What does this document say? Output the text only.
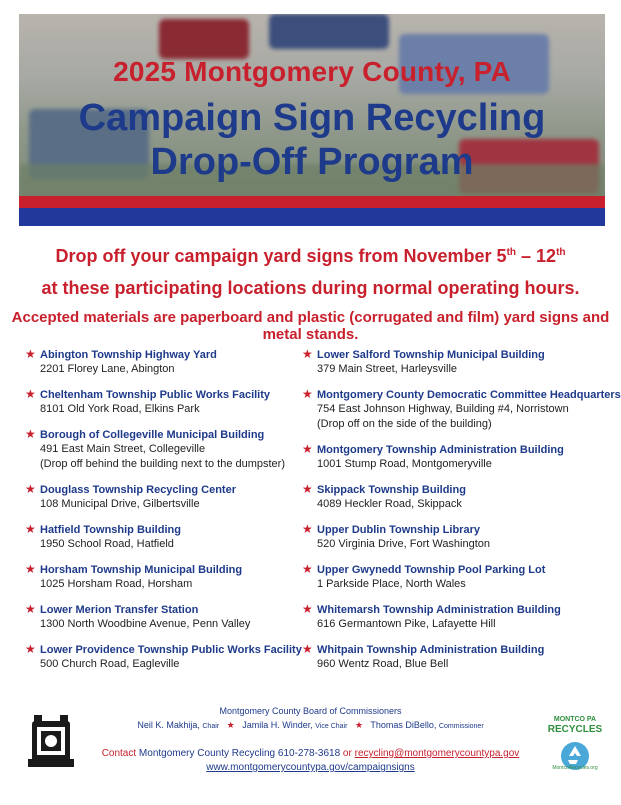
2025 Montgomery County, PA
Campaign Sign Recycling
Drop-Off Program
Drop off your campaign yard signs from November 5th – 12th
at these participating locations during normal operating hours.
Accepted materials are paperboard and plastic (corrugated and film) yard signs and metal stands.
★ Abington Township Highway Yard
2201 Florey Lane, Abington
★ Cheltenham Township Public Works Facility
8101 Old York Road, Elkins Park
★ Borough of Collegeville Municipal Building
491 East Main Street, Collegeville
(Drop off behind the building next to the dumpster)
★ Douglass Township Recycling Center
108 Municipal Drive, Gilbertsville
★ Hatfield Township Building
1950 School Road, Hatfield
★ Horsham Township Municipal Building
1025 Horsham Road, Horsham
★ Lower Merion Transfer Station
1300 North Woodbine Avenue, Penn Valley
★ Lower Providence Township Public Works Facility
500 Church Road, Eagleville
★ Lower Salford Township Municipal Building
379 Main Street, Harleysville
★ Montgomery County Democratic Committee Headquarters
754 East Johnson Highway, Building #4, Norristown
(Drop off on the side of the building)
★ Montgomery Township Administration Building
1001 Stump Road, Montgomeryville
★ Skippack Township Building
4089 Heckler Road, Skippack
★ Upper Dublin Township Library
520 Virginia Drive, Fort Washington
★ Upper Gwynedd Township Pool Parking Lot
1 Parkside Place, North Wales
★ Whitemarsh Township Administration Building
616 Germantown Pike, Lafayette Hill
★ Whitpain Township Administration Building
960 Wentz Road, Blue Bell
Montgomery County Board of Commissioners
Neil K. Makhija, Chair ★ Jamila H. Winder, Vice Chair ★ Thomas DiBello, Commissioner
Contact Montgomery County Recycling 610-278-3618 or recycling@montgomerycountypa.gov
www.montgomerycountypa.gov/campaignsigns
MONTCO PA
RECYCLES
MontcoRecycles.org
